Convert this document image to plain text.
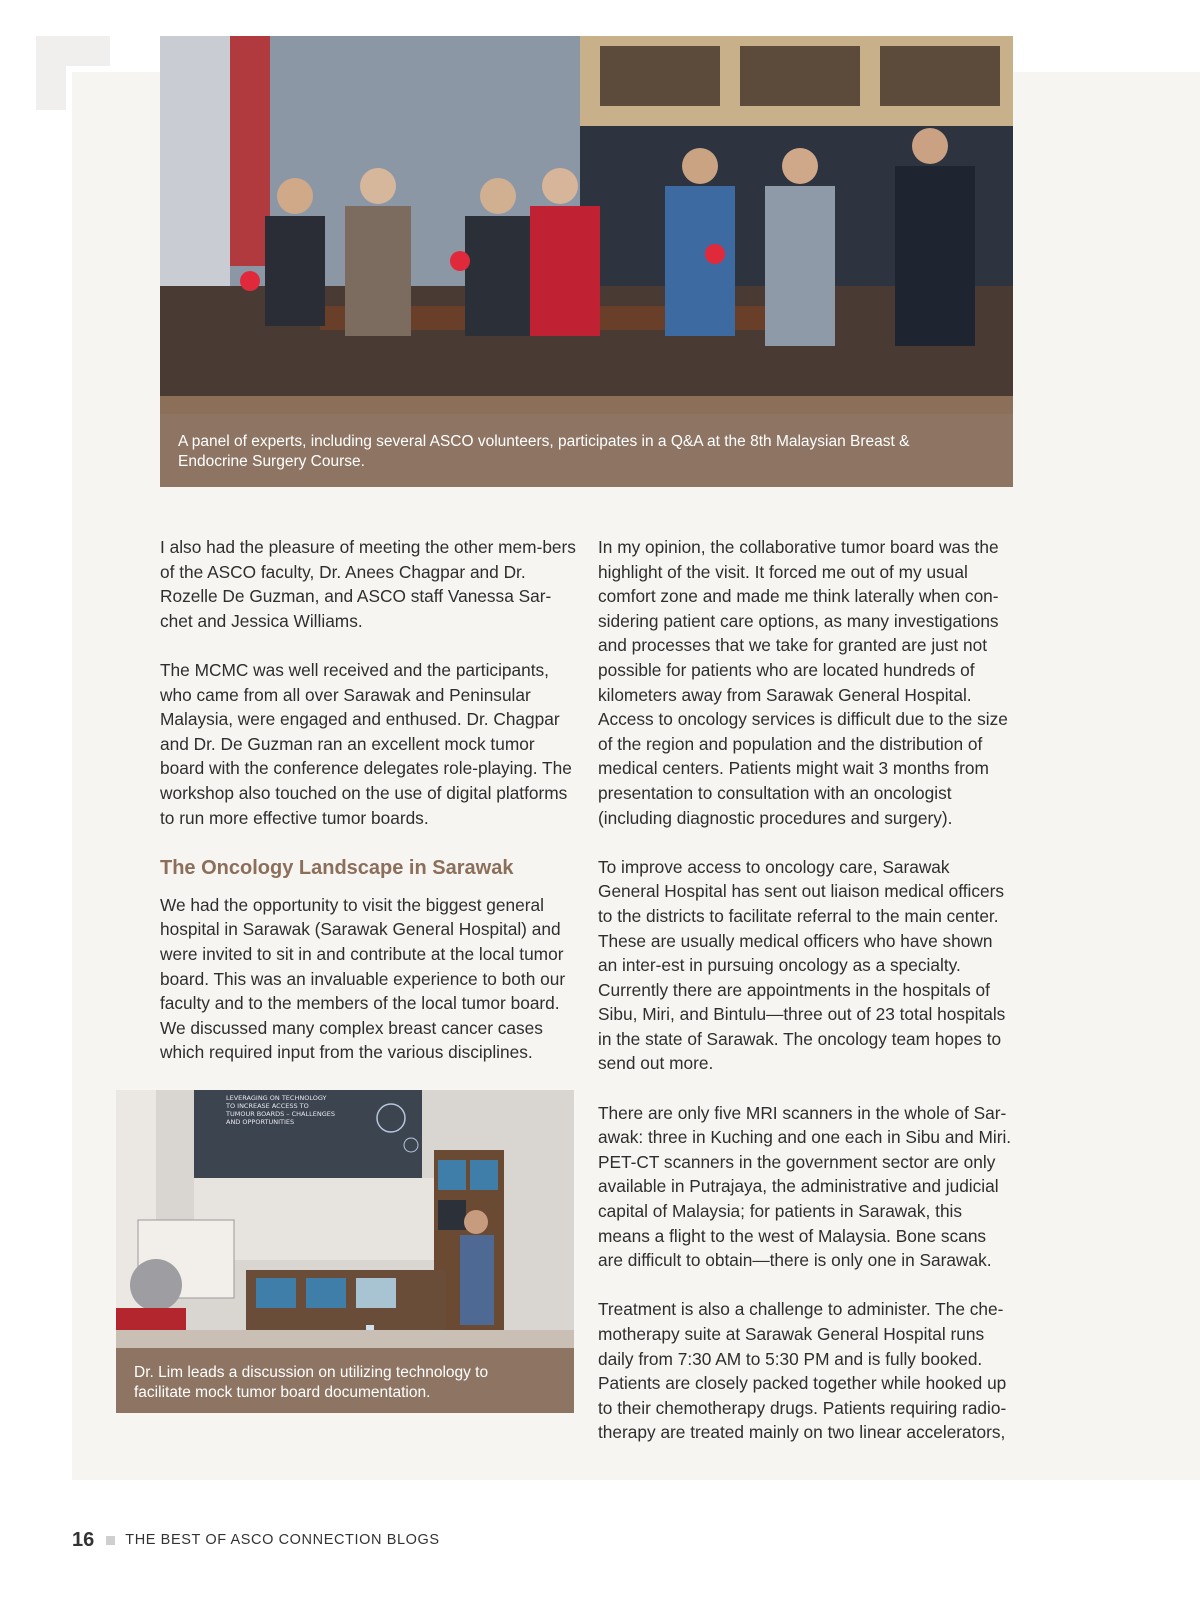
A panel of experts, including several ASCO volunteers, participates in a Q&A at the 8th Malaysian Breast & Endocrine Surgery Course.

I also had the pleasure of meeting the other mem-bers of the ASCO faculty, Dr. Anees Chagpar and Dr. Rozelle De Guzman, and ASCO staff Vanessa Sar-chet and Jessica Williams.

The MCMC was well received and the participants, who came from all over Sarawak and Peninsular Malaysia, were engaged and enthused. Dr. Chagpar and Dr. De Guzman ran an excellent mock tumor board with the conference delegates role-playing. The workshop also touched on the use of digital platforms to run more effective tumor boards.

The Oncology Landscape in Sarawak

We had the opportunity to visit the biggest general hospital in Sarawak (Sarawak General Hospital) and were invited to sit in and contribute at the local tumor board. This was an invaluable experience to both our faculty and to the members of the local tumor board. We discussed many complex breast cancer cases which required input from the various disciplines.

LEVERAGING ON TECHNOLOGY
TO INCREASE ACCESS TO
TUMOUR BOARDS – CHALLENGES
AND OPPORTUNITIES
Dr. Lim leads a discussion on utilizing technology to facilitate mock tumor board documentation.

In my opinion, the collaborative tumor board was the highlight of the visit. It forced me out of my usual comfort zone and made me think laterally when con-sidering patient care options, as many investigations and processes that we take for granted are just not possible for patients who are located hundreds of kilometers away from Sarawak General Hospital. Access to oncology services is difficult due to the size of the region and population and the distribution of medical centers. Patients might wait 3 months from presentation to consultation with an oncologist (including diagnostic procedures and surgery).

To improve access to oncology care, Sarawak General Hospital has sent out liaison medical officers to the districts to facilitate referral to the main center. These are usually medical officers who have shown an inter-est in pursuing oncology as a specialty. Currently there are appointments in the hospitals of Sibu, Miri, and Bintulu—three out of 23 total hospitals in the state of Sarawak. The oncology team hopes to send out more.

There are only five MRI scanners in the whole of Sar-awak: three in Kuching and one each in Sibu and Miri. PET-CT scanners in the government sector are only available in Putrajaya, the administrative and judicial capital of Malaysia; for patients in Sarawak, this means a flight to the west of Malaysia. Bone scans are difficult to obtain—there is only one in Sarawak.

Treatment is also a challenge to administer. The che-motherapy suite at Sarawak General Hospital runs daily from 7:30 AM to 5:30 PM and is fully booked. Patients are closely packed together while hooked up to their chemotherapy drugs. Patients requiring radio-therapy are treated mainly on two linear accelerators,

16 THE BEST OF ASCO CONNECTION BLOGS
